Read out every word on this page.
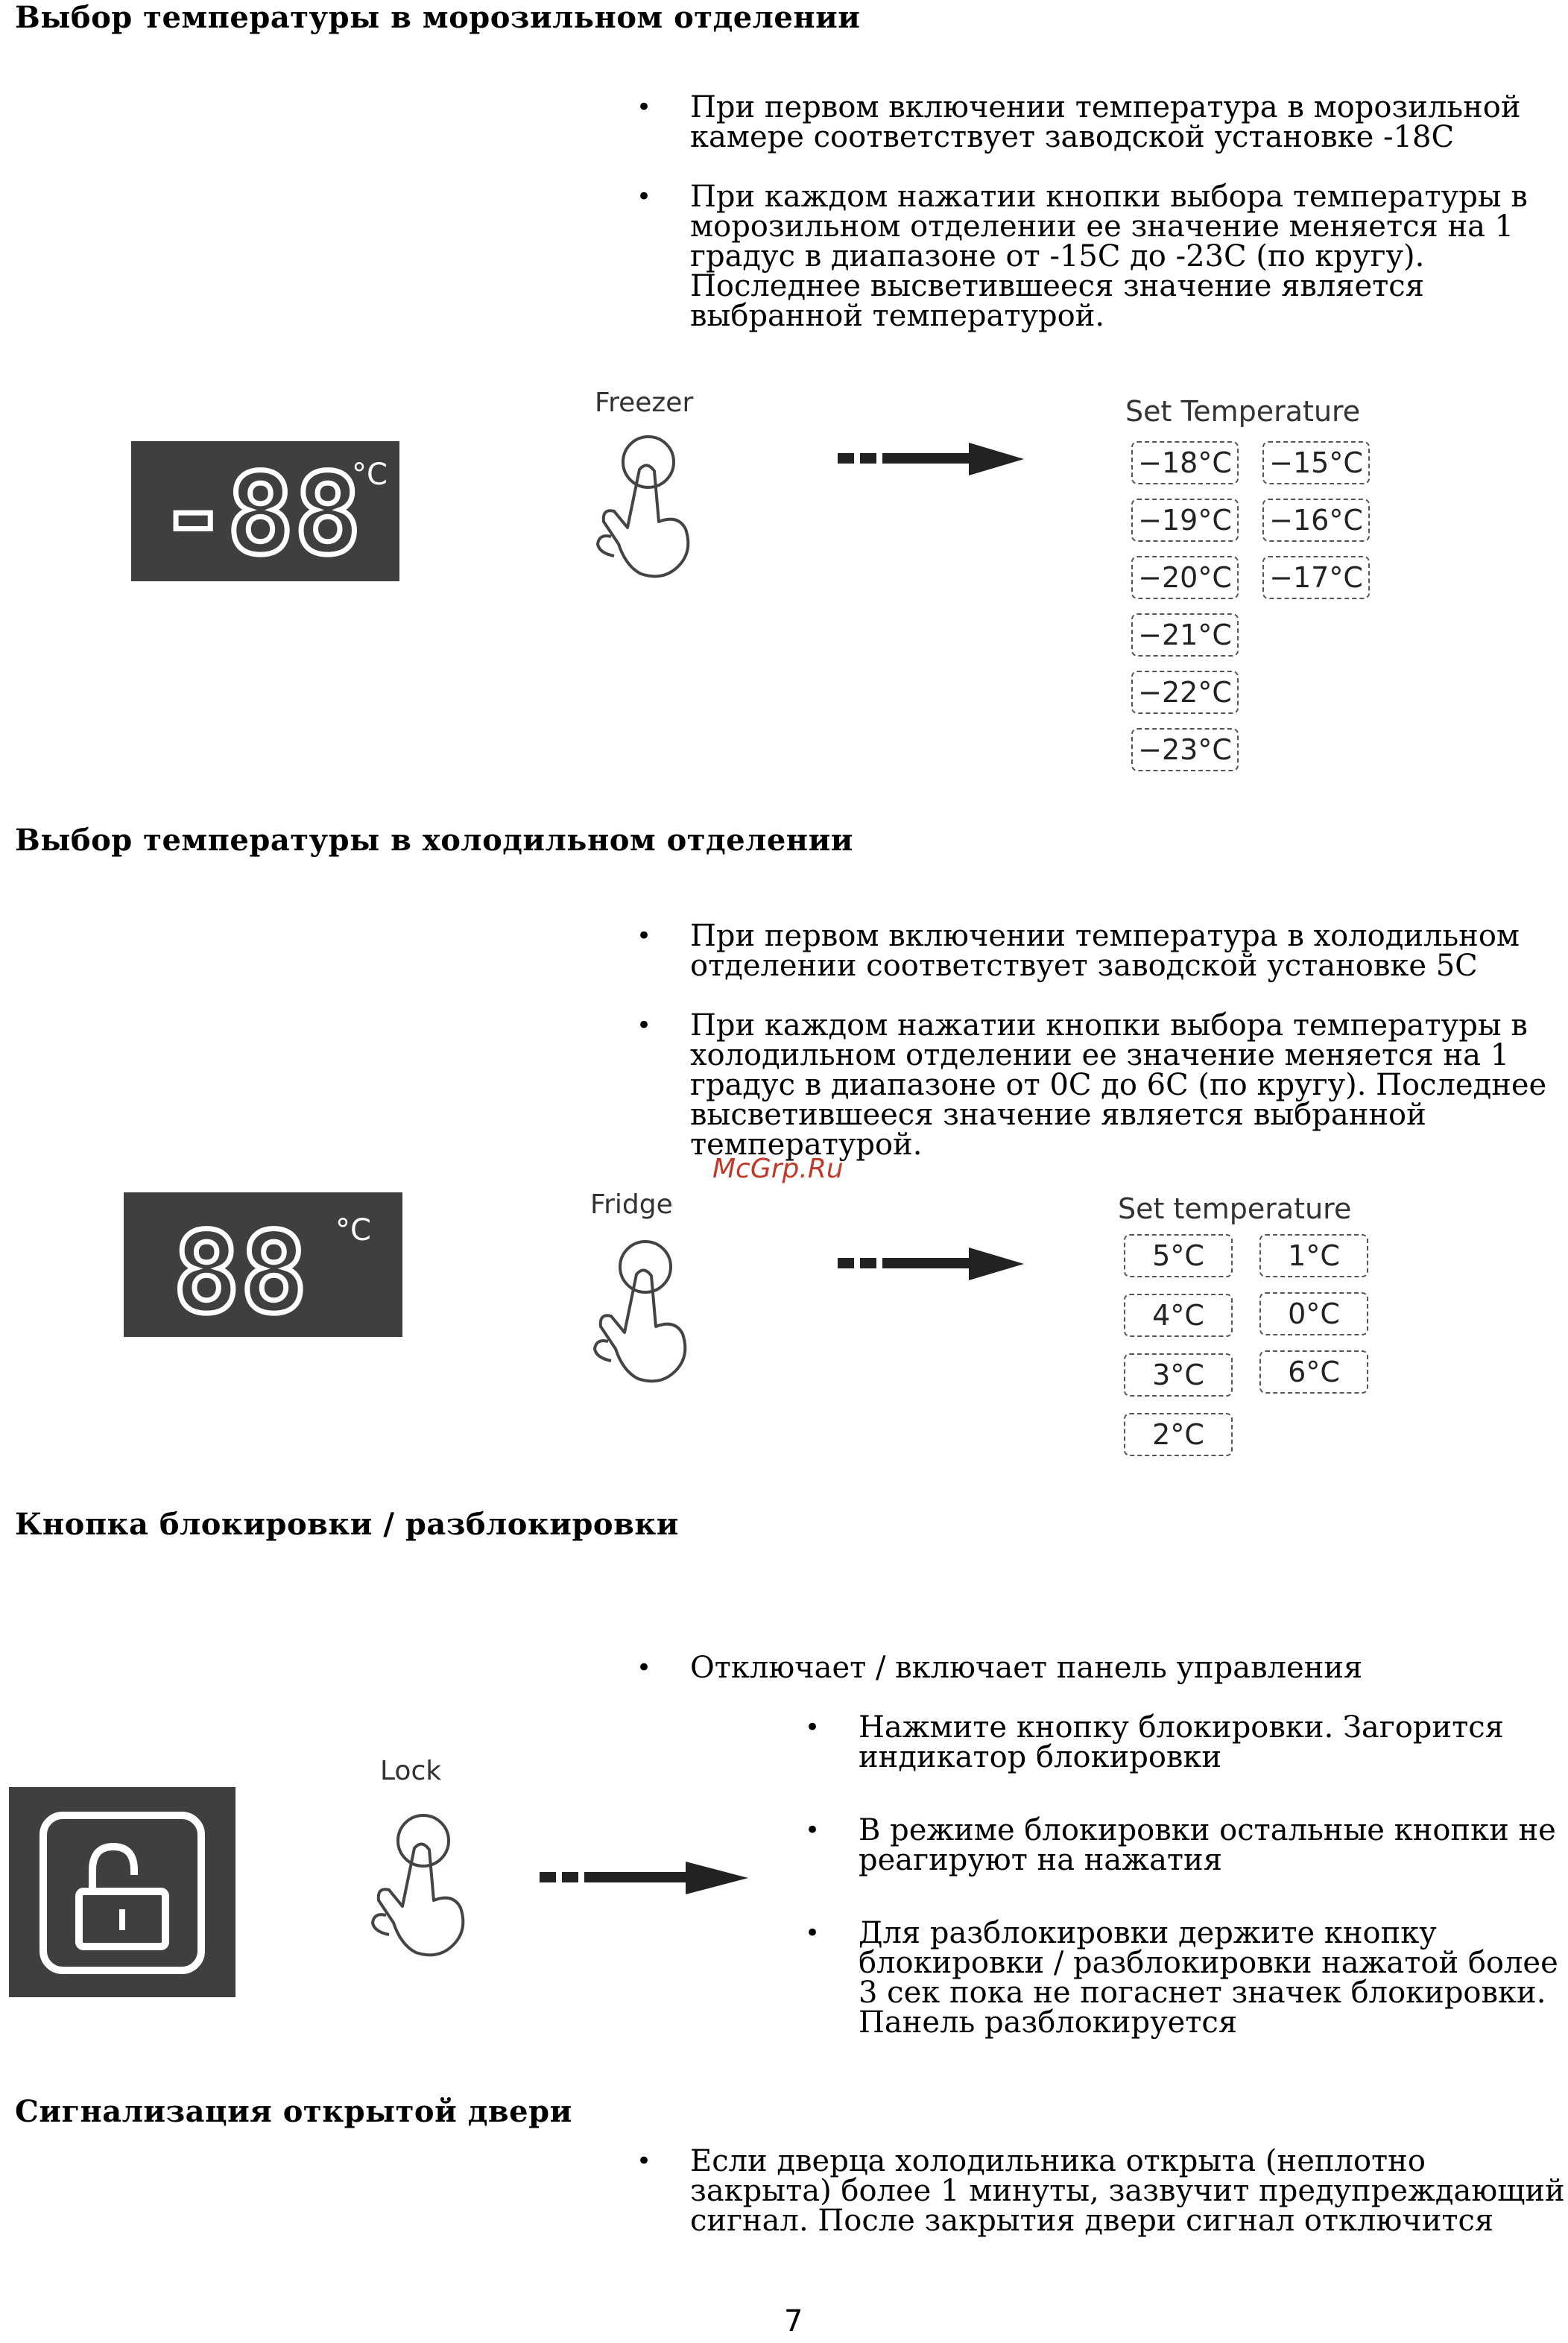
Выбор температуры в морозильном отделении
• При первом включении температура в морозильной камере соответствует заводской установке -18С
• При каждом нажатии кнопки выбора температуры в морозильном отделении ее значение меняется на 1 градус в диапазоне от -15С до -23С (по кругу). Последнее высветившееся значение является выбранной температурой.
-88
°C
Freezer	Set Temperature
−18°C
−19°C
−20°C
−21°C
−22°C
−23°C
−15°C
−16°C
−17°C
Выбор температуры в холодильном отделении
• При первом включении температура в холодильном отделении соответствует заводской установке 5С
• При каждом нажатии кнопки выбора температуры в холодильном отделении ее значение меняется на 1 градус в диапазоне от 0С до 6С (по кругу). Последнее высветившееся значение является выбранной температурой.
McGrp.Ru
88 °C
Fridge	Set temperature
5°C
4°C
3°C
2°C
1°C
0°C
6°C
Кнопка блокировки / разблокировки
• Отключает / включает панель управления
• Нажмите кнопку блокировки. Загорится индикатор блокировки
• В режиме блокировки остальные кнопки не реагируют на нажатия
• Для разблокировки держите кнопку блокировки / разблокировки нажатой более 3 сек пока не погаснет значек блокировки. Панель разблокируется
Lock
Сигнализация открытой двери
• Если дверца холодильника открыта (неплотно закрыта) более 1 минуты, зазвучит предупреждающий сигнал. После закрытия двери сигнал отключится
7
